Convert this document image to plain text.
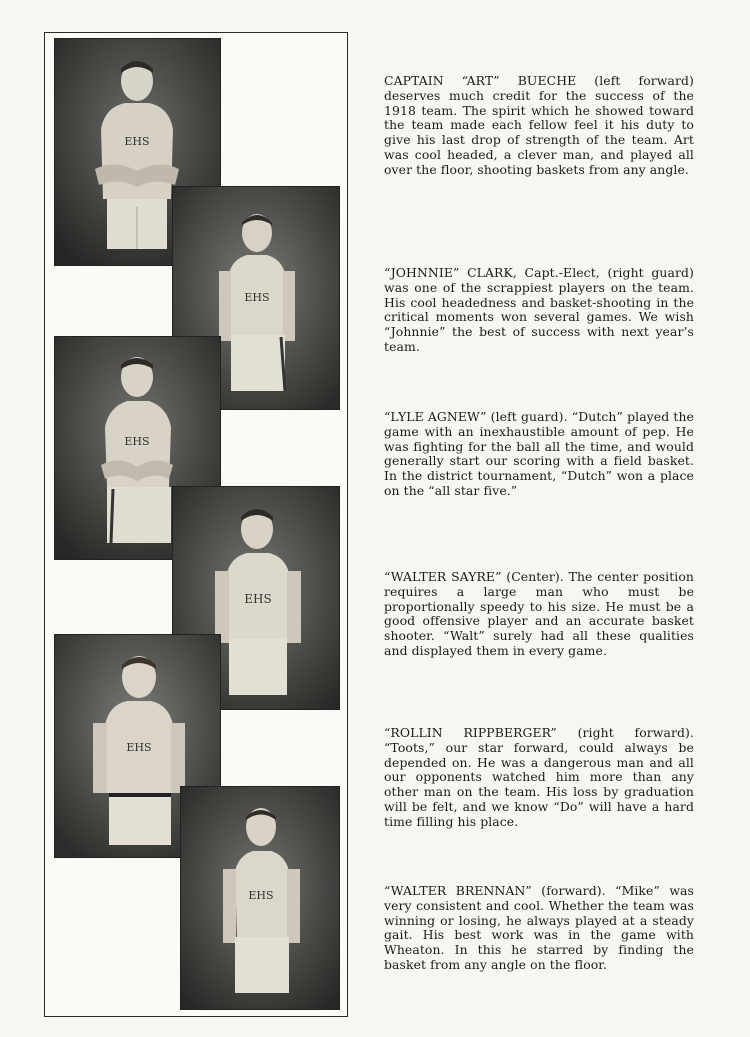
EHS
EHS
EHS
EHS
EHS
EHS

CAPTAIN “ART” BUECHE (left forward) deserves much credit for the success of the 1918 team. The spirit which he showed toward the team made each fellow feel it his duty to give his last drop of strength of the team. Art was cool headed, a clever man, and played all over the floor, shooting baskets from any angle.

“JOHNNIE” CLARK, Capt.-Elect, (right guard) was one of the scrappiest players on the team. His cool headedness and basket-shooting in the critical moments won several games. We wish “Johnnie” the best of success with next year’s team.

“LYLE AGNEW” (left guard). “Dutch” played the game with an inexhaustible amount of pep. He was fighting for the ball all the time, and would generally start our scoring with a field basket. In the district tournament, “Dutch” won a place on the “all star five.”

“WALTER SAYRE” (Center). The center position requires a large man who must be proportionally speedy to his size. He must be a good offensive player and an accurate basket shooter. “Walt” surely had all these qualities and displayed them in every game.

“ROLLIN RIPPBERGER” (right forward). “Toots,” our star forward, could always be depended on. He was a dangerous man and all our opponents watched him more than any other man on the team. His loss by graduation will be felt, and we know “Do” will have a hard time filling his place.

“WALTER BRENNAN” (forward). “Mike” was very consistent and cool. Whether the team was winning or losing, he always played at a steady gait. His best work was in the game with Wheaton. In this he starred by finding the basket from any angle on the floor.
